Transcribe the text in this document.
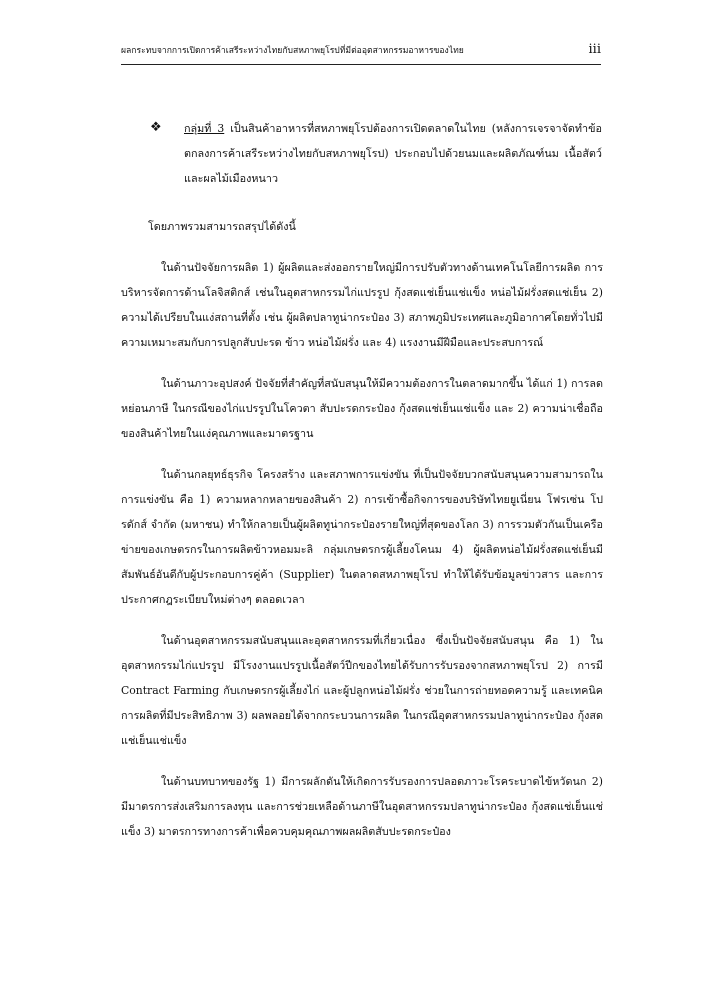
ผลกระทบจากการเปิดการค้าเสรีระหว่างไทยกับสหภาพยุโรปที่มีต่ออุตสาหกรรมอาหารของไทย	iii
❖ กลุ่มที่ 3 เป็นสินค้าอาหารที่สหภาพยุโรปต้องการเปิดตลาดในไทย (หลังการเจรจาจัดทำข้อตกลงการค้าเสรีระหว่างไทยกับสหภาพยุโรป) ประกอบไปด้วยนมและผลิตภัณฑ์นม เนื้อสัตว์ และผลไม้เมืองหนาว
โดยภาพรวมสามารถสรุปได้ดังนี้

ในด้านปัจจัยการผลิต 1) ผู้ผลิตและส่งออกรายใหญ่มีการปรับตัวทางด้านเทคโนโลยีการผลิต การบริหารจัดการด้านโลจิสติกส์ เช่นในอุตสาหกรรมไก่แปรรูป กุ้งสดแช่เย็นแช่แข็ง หน่อไม้ฝรั่งสดแช่เย็น 2) ความได้เปรียบในแง่สถานที่ตั้ง เช่น ผู้ผลิตปลาทูน่ากระป๋อง 3) สภาพภูมิประเทศและภูมิอากาศโดยทั่วไปมีความเหมาะสมกับการปลูกสับปะรด ข้าว หน่อไม้ฝรั่ง และ 4) แรงงานมีฝีมือและประสบการณ์

ในด้านภาวะอุปสงค์ ปัจจัยที่สำคัญที่สนับสนุนให้มีความต้องการในตลาดมากขึ้น ได้แก่ 1) การลดหย่อนภาษี ในกรณีของไก่แปรรูปในโควตา สับปะรดกระป๋อง กุ้งสดแช่เย็นแช่แข็ง และ 2) ความน่าเชื่อถือของสินค้าไทยในแง่คุณภาพและมาตรฐาน

ในด้านกลยุทธ์ธุรกิจ โครงสร้าง และสภาพการแข่งขัน ที่เป็นปัจจัยบวกสนับสนุนความสามารถในการแข่งขัน คือ 1) ความหลากหลายของสินค้า 2) การเข้าซื้อกิจการของบริษัทไทยยูเนี่ยน โฟรเซ่น โปรดักส์ จำกัด (มหาชน) ทำให้กลายเป็นผู้ผลิตทูน่ากระป๋องรายใหญ่ที่สุดของโลก 3) การรวมตัวกันเป็นเครือข่ายของเกษตรกรในการผลิตข้าวหอมมะลิ กลุ่มเกษตรกรผู้เลี้ยงโคนม 4) ผู้ผลิตหน่อไม้ฝรั่งสดแช่เย็นมีสัมพันธ์อันดีกับผู้ประกอบการคู่ค้า (Supplier) ในตลาดสหภาพยุโรป ทำให้ได้รับข้อมูลข่าวสาร และการประกาศกฎระเบียบใหม่ต่างๆ ตลอดเวลา

ในด้านอุตสาหกรรมสนับสนุนและอุตสาหกรรมที่เกี่ยวเนื่อง ซึ่งเป็นปัจจัยสนับสนุน คือ 1) ในอุตสาหกรรมไก่แปรรูป มีโรงงานแปรรูปเนื้อสัตว์ปีกของไทยได้รับการรับรองจากสหภาพยุโรป 2) การมี Contract Farming กับเกษตรกรผู้เลี้ยงไก่ และผู้ปลูกหน่อไม้ฝรั่ง ช่วยในการถ่ายทอดความรู้ และเทคนิคการผลิตที่มีประสิทธิภาพ 3) ผลพลอยได้จากกระบวนการผลิต ในกรณีอุตสาหกรรมปลาทูน่ากระป๋อง กุ้งสดแช่เย็นแช่แข็ง

ในด้านบทบาทของรัฐ 1) มีการผลักดันให้เกิดการรับรองการปลอดภาวะโรคระบาดไข้หวัดนก 2) มีมาตรการส่งเสริมการลงทุน และการช่วยเหลือด้านภาษีในอุตสาหกรรมปลาทูน่ากระป๋อง กุ้งสดแช่เย็นแช่แข็ง 3) มาตรการทางการค้าเพื่อควบคุมคุณภาพผลผลิตสับปะรดกระป๋อง
